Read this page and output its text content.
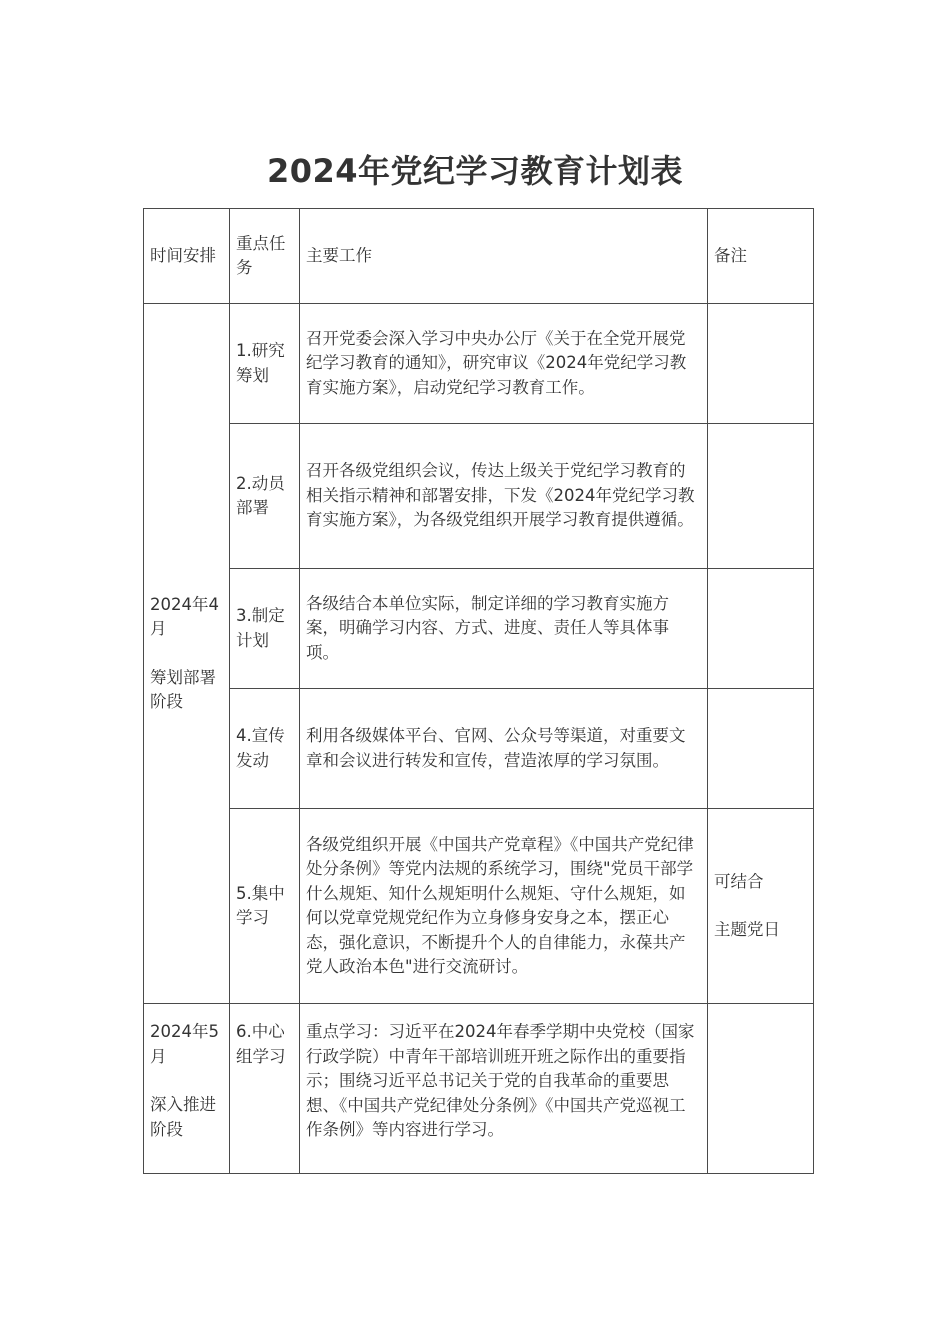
2024年党纪学习教育计划表
时间安排	重点任务	主要工作	备注

2024年4月
筹划部署阶段	1.研究筹划	召开党委会深入学习中央办公厅《关于在全党开展党纪学习教育的通知》，研究审议《2024年党纪学习教育实施方案》，启动党纪学习教育工作。	
	2.动员部署	召开各级党组织会议，传达上级关于党纪学习教育的相关指示精神和部署安排，下发《2024年党纪学习教育实施方案》，为各级党组织开展学习教育提供遵循。	
	3.制定计划	各级结合本单位实际，制定详细的学习教育实施方案，明确学习内容、方式、进度、责任人等具体事项。	
	4.宣传发动	利用各级媒体平台、官网、公众号等渠道，对重要文章和会议进行转发和宣传，营造浓厚的学习氛围。	
	5.集中学习	各级党组织开展《中国共产党章程》《中国共产党纪律处分条例》等党内法规的系统学习，围绕"党员干部学什么规矩、知什么规矩明什么规矩、守什么规矩，如何以党章党规党纪作为立身修身安身之本，摆正心态，强化意识，不断提升个人的自律能力，永葆共产党人政治本色"进行交流研讨。	可结合
主题党日

2024年5月
深入推进阶段	6.中心组学习	重点学习：习近平在2024年春季学期中央党校（国家行政学院）中青年干部培训班开班之际作出的重要指示；围绕习近平总书记关于党的自我革命的重要思想、《中国共产党纪律处分条例》《中国共产党巡视工作条例》等内容进行学习。	
